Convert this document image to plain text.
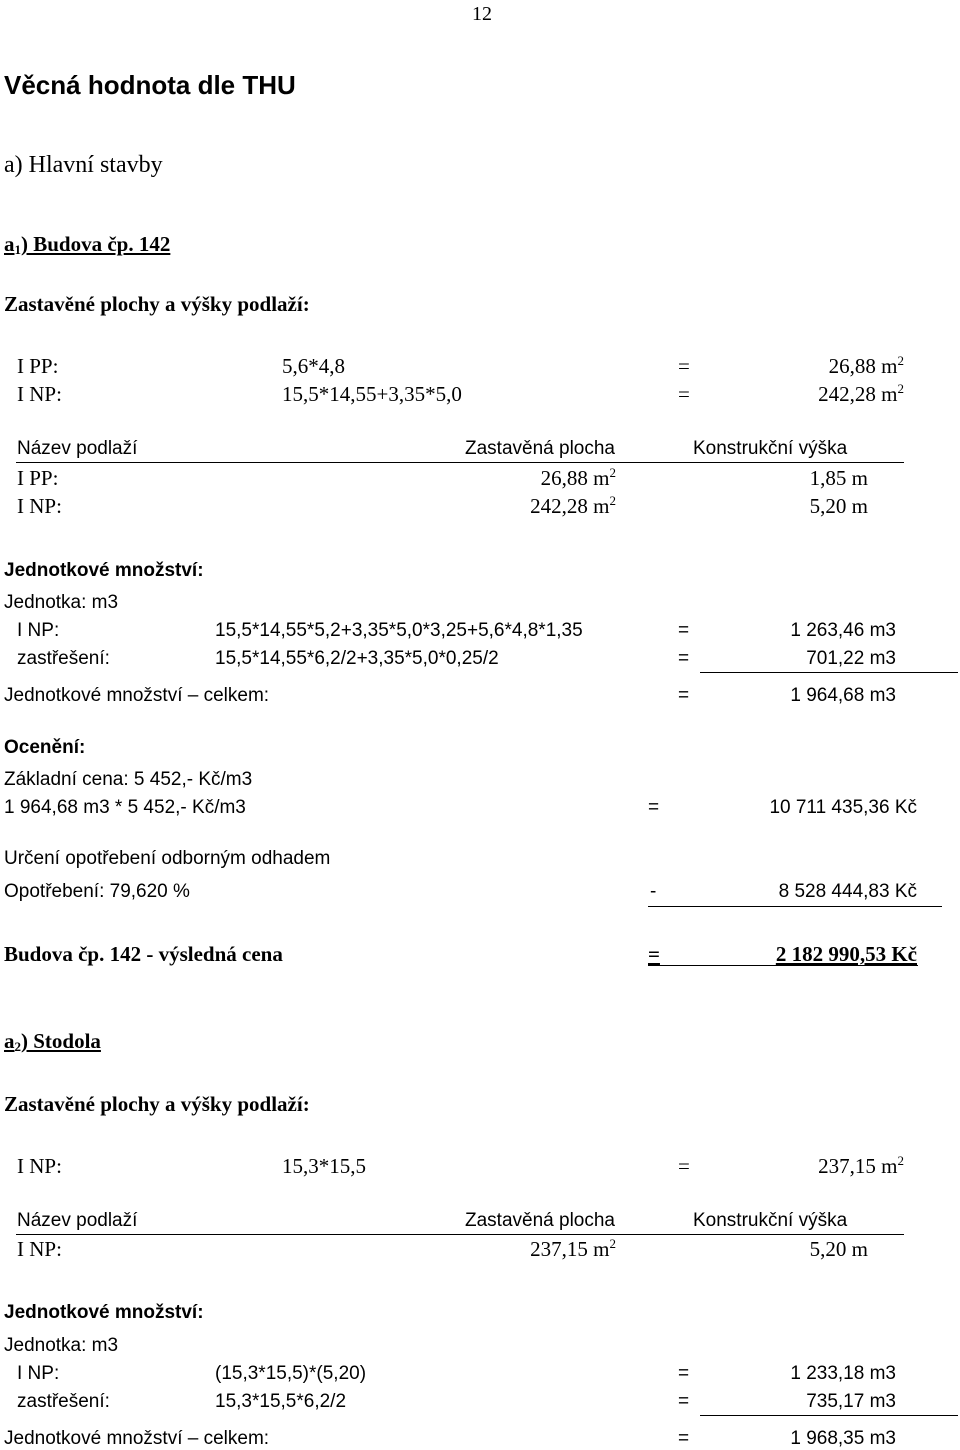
12
Věcná hodnota dle THU
a) Hlavní stavby
$a_1$) Budova čp. 142
Zastavěné plochy a výšky podlaží:
I PP:	5,6*4,8	=	26,88 $m^2$
I NP:	15,5*14,55+3,35*5,0	=	242,28 $m^2$
Název podlaží	Zastavěná plocha	Konstrukční výška
I PP:	26,88 $m^2$	1,85 m
I NP:	242,28 $m^2$	5,20 m
Jednotkové množství:
Jednotka: m3
I NP:	15,5*14,55*5,2+3,35*5,0*3,25+5,6*4,8*1,35	=	1 263,46 m3
zastřešení:	15,5*14,55*6,2/2+3,35*5,0*0,25/2	=	701,22 m3
Jednotkové množství – celkem:	=	1 964,68 m3
Ocenění:
Základní cena: 5 452,- Kč/m3
1 964,68 m3 * 5 452,- Kč/m3	=	10 711 435,36 Kč
Určení opotřebení odborným odhadem
Opotřebení: 79,620 %	-	8 528 444,83 Kč
Budova čp. 142 - výsledná cena	=	2 182 990,53 Kč
$a_2$) Stodola
Zastavěné plochy a výšky podlaží:
I NP:	15,3*15,5	=	237,15 $m^2$
Název podlaží	Zastavěná plocha	Konstrukční výška
I NP:	237,15 $m^2$	5,20 m
Jednotkové množství:
Jednotka: m3
I NP:	(15,3*15,5)*(5,20)	=	1 233,18 m3
zastřešení:	15,3*15,5*6,2/2	=	735,17 m3
Jednotkové množství – celkem:	=	1 968,35 m3
